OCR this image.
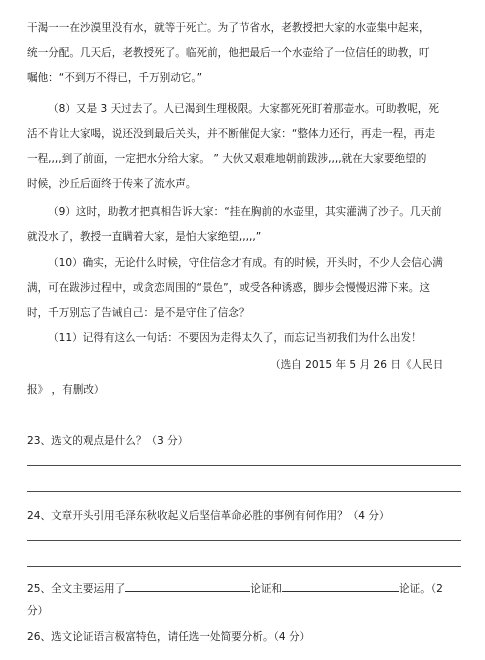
干渴一一在沙漠里没有水，就等于死亡。为了节省水，老教授把大家的水壶集中起来，
统一分配。几天后，老教授死了。临死前，他把最后一个水壶给了一位信任的助教，叮
嘱他：“不到万不得已，千万别动它。”
（8）又是 3 天过去了。人已渴到生理极限。大家都死死盯着那壶水。可助教呢，死
活不肯让大家喝，说还没到最后关头，并不断催促大家：“整体力还行，再走一程，再走
一程,,,,到了前面，一定把水分给大家。 ” 大伙又艰难地朝前跋涉,,,,就在大家要绝望的
时候，沙丘后面终于传来了流水声。
（9）这时，助教才把真相告诉大家：“挂在胸前的水壶里，其实灌满了沙子。几天前
就没水了，教授一直瞒着大家，是怕大家绝望,,,,,”
（10）确实，无论什么时候，守住信念才有成。有的时候，开头时，不少人会信心满
满，可在跋涉过程中，或贪恋周围的“景色”，或受各种诱惑，脚步会慢慢迟滞下来。这
时，千万别忘了告诫自己：是不是守住了信念？
（11）记得有这么一句话：不要因为走得太久了，而忘记当初我们为什么出发！
（选自 2015 年 5 月 26 日《人民日
报》 ，有删改）
23、选文的观点是什么？（3 分）
24、文章开头引用毛泽东秋收起义后坚信革命必胜的事例有何作用？（4 分）
25、全文主要运用了	论证和	论证。（2
分）
26、选文论证语言极富特色，请任选一处简要分析。（4 分）
